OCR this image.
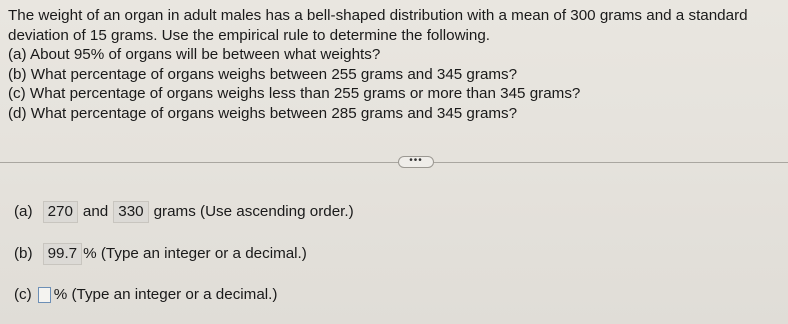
The weight of an organ in adult males has a bell-shaped distribution with a mean of 300 grams and a standard

deviation of 15 grams. Use the empirical rule to determine the following.

(a) About 95% of organs will be between what weights?

(b) What percentage of organs weighs between 255 grams and 345 grams?

(c) What percentage of organs weighs less than 255 grams or more than 345 grams?

(d) What percentage of organs weighs between 285 grams and 345 grams?

•••
(a) 270 and 330 grams (Use ascending order.)
(b) 99.7 % (Type an integer or a decimal.)
(c) % (Type an integer or a decimal.)
